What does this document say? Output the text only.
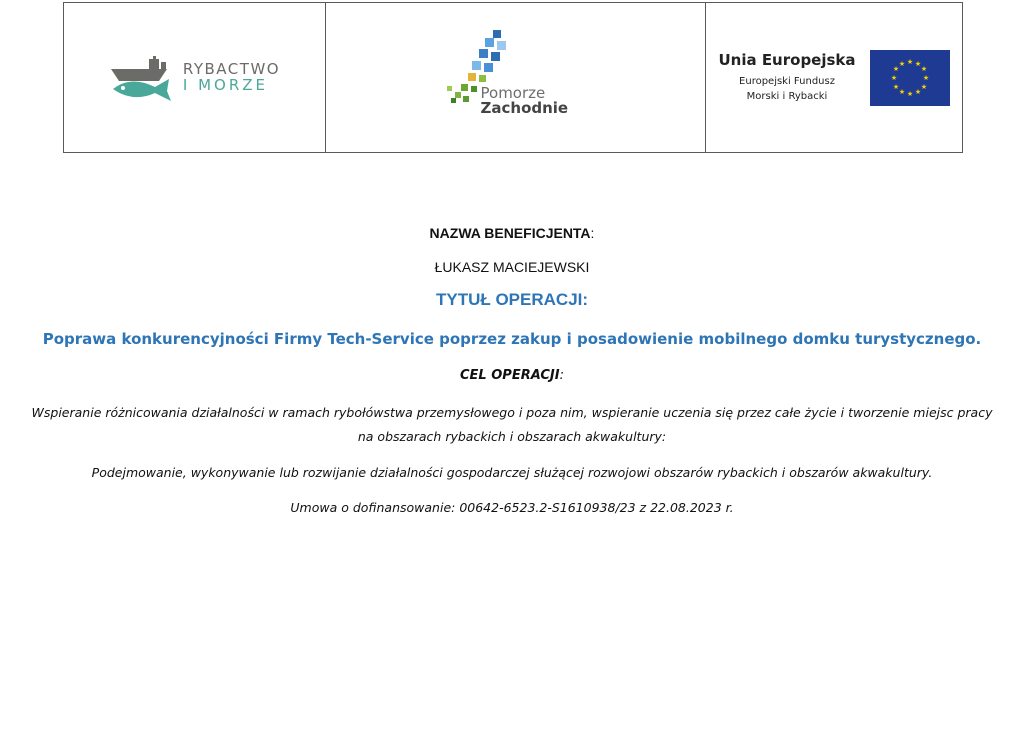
RYBACTWO
I MORZE	Pomorze
Zachodnie
Unia Europejska
Europejski Fundusz
Morski i Rybacki
★ ★
★
★
★
★
★
★
★
★
★
★

NAZWA BENEFICJENTA:

ŁUKASZ MACIEJEWSKI

TYTUŁ OPERACJI:

Poprawa konkurencyjności Firmy Tech-Service poprzez zakup i posadowienie mobilnego domku turystycznego.

CEL OPERACJI:

Wspieranie różnicowania działalności w ramach rybołówstwa przemysłowego i poza nim, wspieranie uczenia się przez całe życie i tworzenie miejsc pracy na obszarach rybackich i obszarach akwakultury:

Podejmowanie, wykonywanie lub rozwijanie działalności gospodarczej służącej rozwojowi obszarów rybackich i obszarów akwakultury.

Umowa o dofinansowanie: 00642-6523.2-S1610938/23 z 22.08.2023 r.
